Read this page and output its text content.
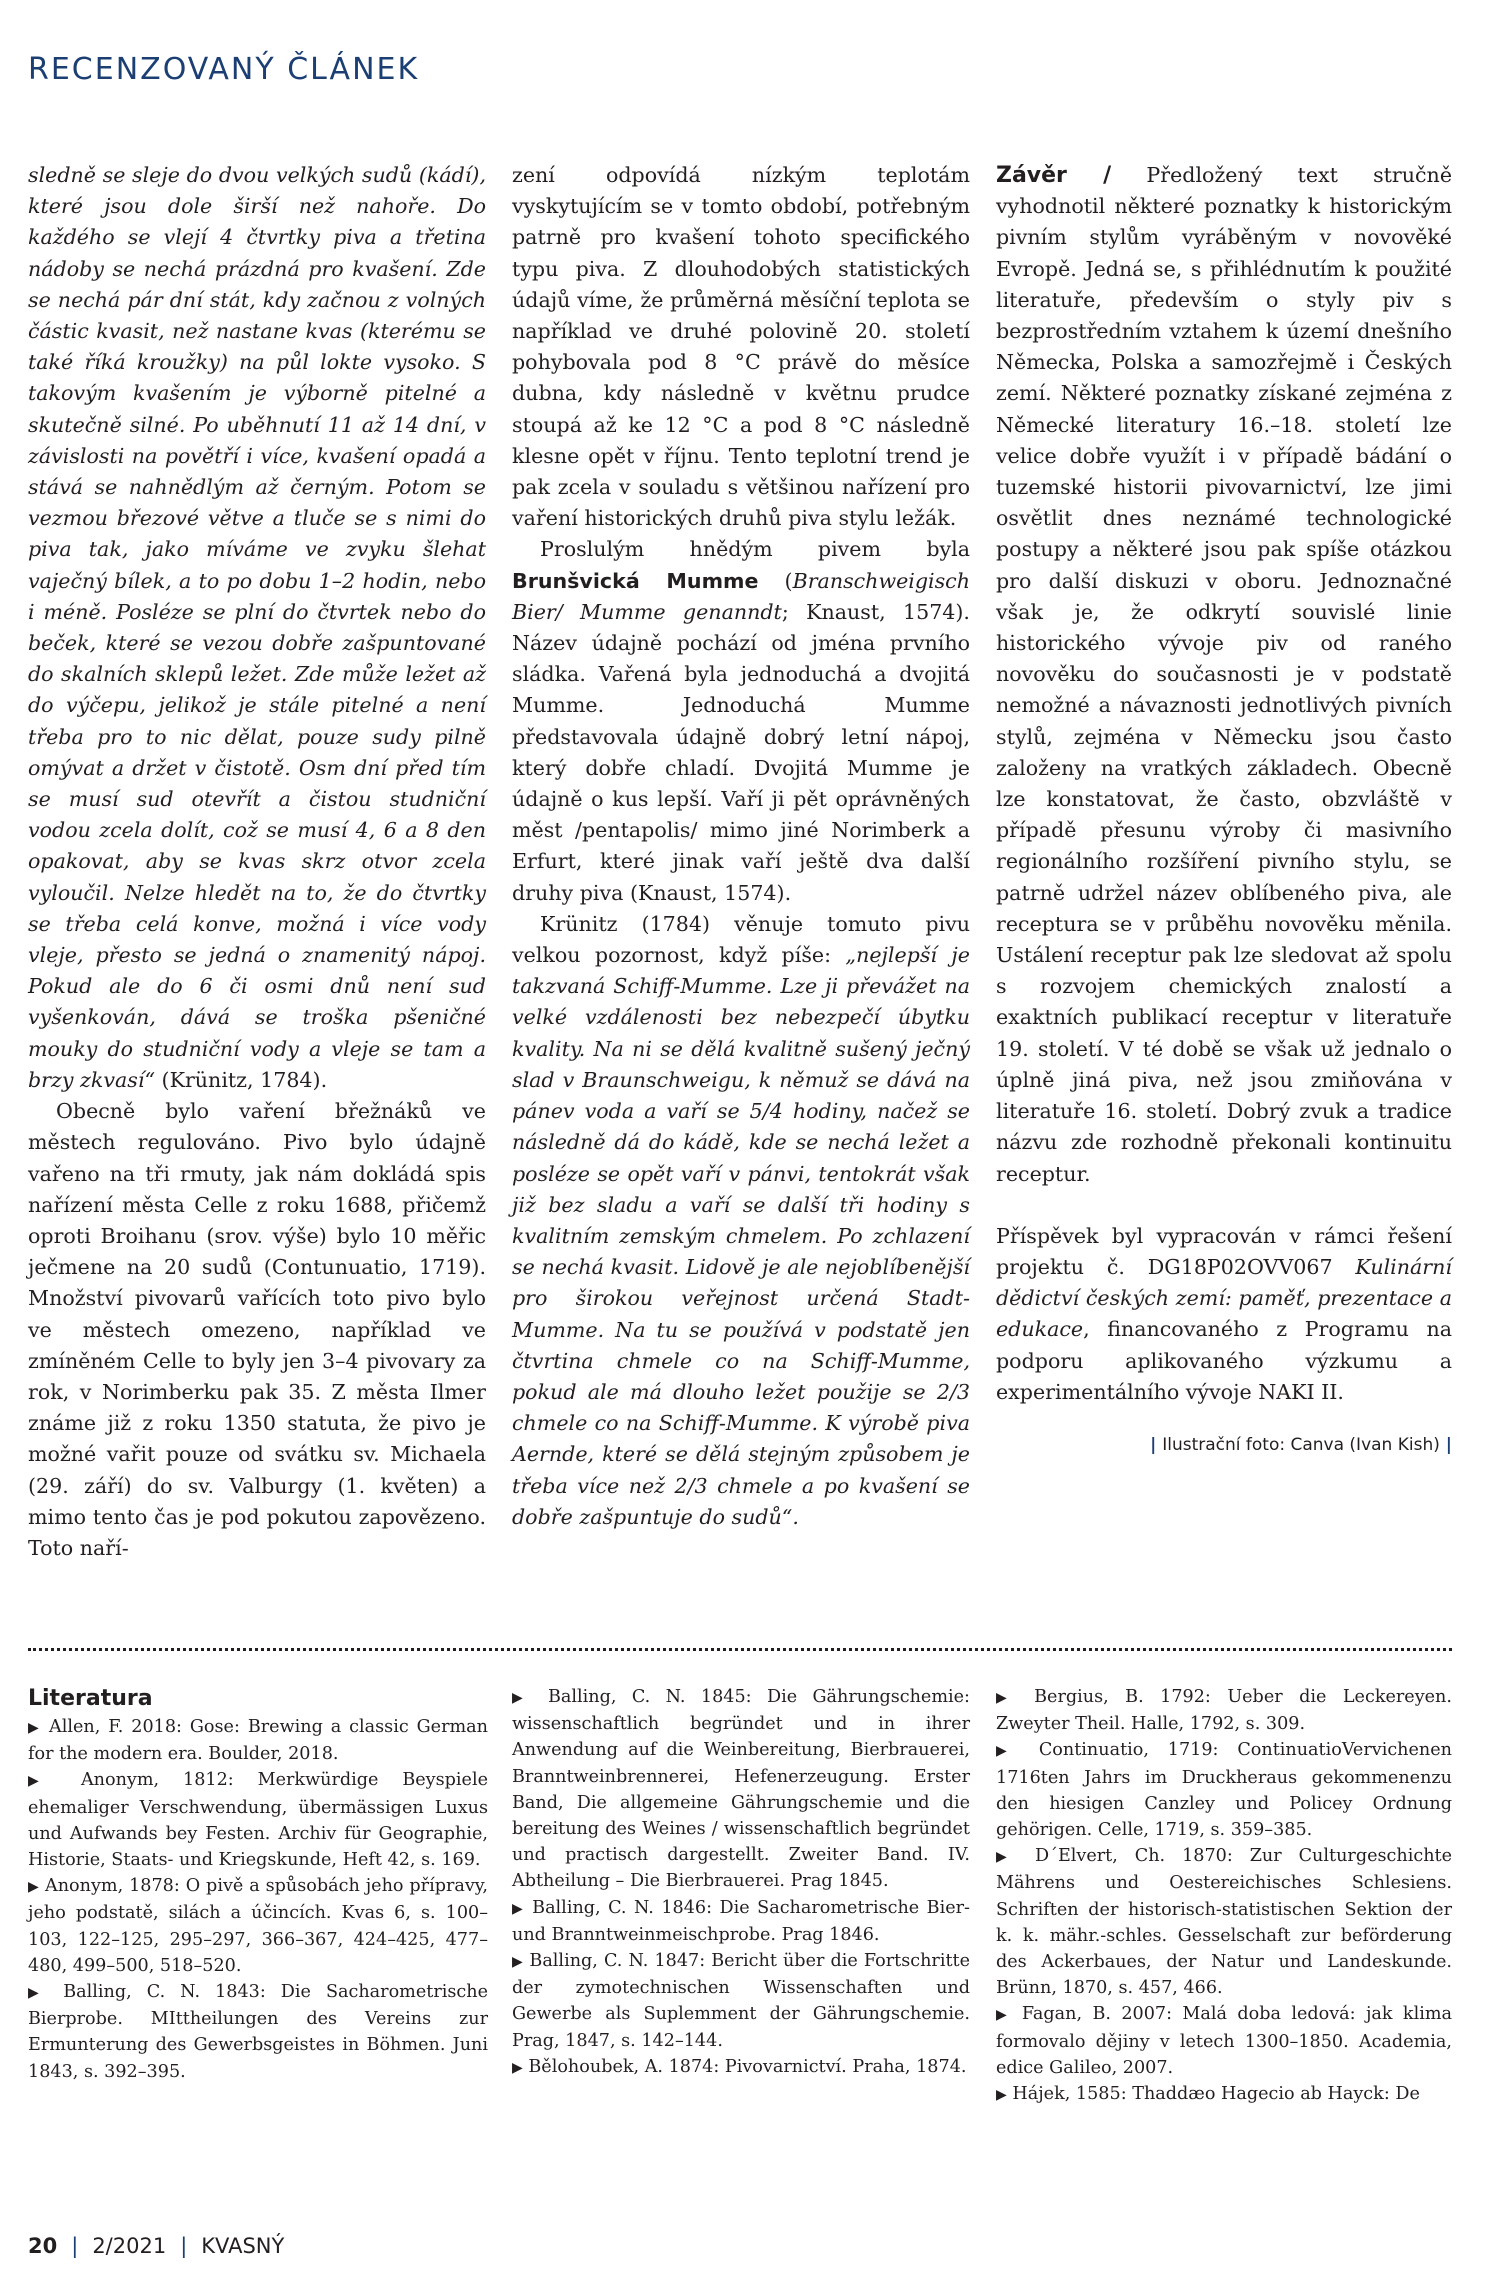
RECENZOVANÝ ČLÁNEK

sledně se sleje do dvou velkých sudů (kádí), které jsou dole širší než nahoře. Do každého se vlejí 4 čtvrtky piva a třetina nádoby se nechá prázdná pro kvašení. Zde se nechá pár dní stát, kdy začnou z volných částic kvasit, než nastane kvas (kterému se také říká kroužky) na půl lokte vysoko. S takovým kvašením je výborně pitelné a skutečně silné. Po uběhnutí 11 až 14 dní, v závislosti na povětří i více, kvašení opadá a stává se nahnědlým až černým. Potom se vezmou březové větve a tluče se s nimi do piva tak, jako míváme ve zvyku šlehat vaječný bílek, a to po dobu 1–2 hodin, nebo i méně. Posléze se plní do čtvrtek nebo do beček, které se vezou dobře zašpuntované do skalních sklepů ležet. Zde může ležet až do výčepu, jelikož je stále pitelné a není třeba pro to nic dělat, pouze sudy pilně omývat a držet v čistotě. Osm dní před tím se musí sud otevřít a čistou studniční vodou zcela dolít, což se musí 4, 6 a 8 den opakovat, aby se kvas skrz otvor zcela vyloučil. Nelze hledět na to, že do čtvrtky se třeba celá konve, možná i více vody vleje, přesto se jedná o znamenitý nápoj. Pokud ale do 6 či osmi dnů není sud vyšenkován, dává se troška pšeničné mouky do studniční vody a vleje se tam a brzy zkvasí“ (Krünitz, 1784).

Obecně bylo vaření břežnáků ve městech regulováno. Pivo bylo údajně vařeno na tři rmuty, jak nám dokládá spis nařízení města Celle z roku 1688, přičemž oproti Broihanu (srov. výše) bylo 10 měřic ječmene na 20 sudů (Contunuatio, 1719). Množství pivovarů vařících toto pivo bylo ve městech omezeno, například ve zmíněném Celle to byly jen 3–4 pivovary za rok, v Norimberku pak 35. Z města Ilmer známe již z roku 1350 statuta, že pivo je možné vařit pouze od svátku sv. Michaela (29. září) do sv. Valburgy (1. květen) a mimo tento čas je pod pokutou zapovězeno. Toto naří-

zení odpovídá nízkým teplotám vyskytujícím se v tomto období, potřebným patrně pro kvašení tohoto specifického typu piva. Z dlouhodobých statistických údajů víme, že průměrná měsíční teplota se například ve druhé polovině 20. století pohybovala pod 8 °C právě do měsíce dubna, kdy následně v květnu prudce stoupá až ke 12 °C a pod 8 °C následně klesne opět v říjnu. Tento teplotní trend je pak zcela v souladu s většinou nařízení pro vaření historických druhů piva stylu ležák.

Proslulým hnědým pivem byla Brunšvická Mumme (Branschweigisch Bier/ Mumme genanndt; Knaust, 1574). Název údajně pochází od jména prvního sládka. Vařená byla jednoduchá a dvojitá Mumme. Jednoduchá Mumme představovala údajně dobrý letní nápoj, který dobře chladí. Dvojitá Mumme je údajně o kus lepší. Vaří ji pět oprávněných měst /pentapolis/ mimo jiné Norimberk a Erfurt, které jinak vaří ještě dva další druhy piva (Knaust, 1574).

Krünitz (1784) věnuje tomuto pivu velkou pozornost, když píše: „nejlepší je takzvaná Schiff-Mumme. Lze ji převážet na velké vzdálenosti bez nebezpečí úbytku kvality. Na ni se dělá kvalitně sušený ječný slad v Braunschweigu, k němuž se dává na pánev voda a vaří se 5/4 hodiny, načež se následně dá do kádě, kde se nechá ležet a posléze se opět vaří v pánvi, tentokrát však již bez sladu a vaří se další tři hodiny s kvalitním zemským chmelem. Po zchlazení se nechá kvasit. Lidově je ale nejoblíbenější pro širokou veřejnost určená Stadt-Mumme. Na tu se používá v podstatě jen čtvrtina chmele co na Schiff-Mumme, pokud ale má dlouho ležet použije se 2/3 chmele co na Schiff-Mumme. K výrobě piva Aernde, které se dělá stejným způsobem je třeba více než 2/3 chmele a po kvašení se dobře zašpuntuje do sudů“.

Závěr / Předložený text stručně vyhodnotil některé poznatky k historickým pivním stylům vyráběným v novověké Evropě. Jedná se, s přihlédnutím k použité literatuře, především o styly piv s bezprostředním vztahem k území dnešního Německa, Polska a samozřejmě i Českých zemí. Některé poznatky získané zejména z Německé literatury 16.–18. století lze velice dobře využít i v případě bádání o tuzemské historii pivovarnictví, lze jimi osvětlit dnes neznámé technologické postupy a některé jsou pak spíše otázkou pro další diskuzi v oboru. Jednoznačné však je, že odkrytí souvislé linie historického vývoje piv od raného novověku do současnosti je v podstatě nemožné a návaznosti jednotlivých pivních stylů, zejména v Německu jsou často založeny na vratkých základech. Obecně lze konstatovat, že často, obzvláště v případě přesunu výroby či masivního regionálního rozšíření pivního stylu, se patrně udržel název oblíbeného piva, ale receptura se v průběhu novověku měnila. Ustálení receptur pak lze sledovat až spolu s rozvojem chemických znalostí a exaktních publikací receptur v literatuře 19. století. V té době se však už jednalo o úplně jiná piva, než jsou zmiňována v literatuře 16. století. Dobrý zvuk a tradice názvu zde rozhodně překonali kontinuitu receptur.

Příspěvek byl vypracován v rámci řešení projektu č. DG18P02OVV067 Kulinární dědictví českých zemí: paměť, prezentace a edukace, financovaného z Programu na podporu aplikovaného výzkumu a experimentálního vývoje NAKI II.

| Ilustrační foto: Canva (Ivan Kish) |
Literatura

▶ Allen, F. 2018: Gose: Brewing a classic German for the modern era. Boulder, 2018.

▶ Anonym, 1812: Merkwürdige Beyspiele ehemaliger Verschwendung, übermässigen Luxus und Aufwands bey Festen. Archiv für Geographie, Historie, Staats- und Kriegskunde, Heft 42, s. 169.

▶ Anonym, 1878: O pivě a spůsobách jeho přípravy, jeho podstatě, silách a účincích. Kvas 6, s. 100–103, 122–125, 295–297, 366–367, 424–425, 477–480, 499–500, 518–520.

▶ Balling, C. N. 1843: Die Sacharometrische Bierprobe. MIttheilungen des Vereins zur Ermunterung des Gewerbsgeistes in Böhmen. Juni 1843, s. 392–395.

▶ Balling, C. N. 1845: Die Gährungschemie: wissenschaftlich begründet und in ihrer Anwendung auf die Weinbereitung, Bierbrauerei, Branntweinbrennerei, Hefenerzeugung. Erster Band, Die allgemeine Gährungschemie und die bereitung des Weines / wissenschaftlich begründet und practisch dargestellt. Zweiter Band. IV. Abtheilung – Die Bierbrauerei. Prag 1845.

▶ Balling, C. N. 1846: Die Sacharometrische Bier- und Branntweinmeischprobe. Prag 1846.

▶ Balling, C. N. 1847: Bericht über die Fortschritte der zymotechnischen Wissenschaften und Gewerbe als Suplemment der Gährungschemie. Prag, 1847, s. 142–144.

▶ Bělohoubek, A. 1874: Pivovarnictví. Praha, 1874.

▶ Bergius, B. 1792: Ueber die Leckereyen. Zweyter Theil. Halle, 1792, s. 309.

▶ Continuatio, 1719: ContinuatioVervichenen 1716ten Jahrs im Druckheraus gekommenenzu den hiesigen Canzley und Policey Ordnung gehörigen. Celle, 1719, s. 359–385.

▶ D´Elvert, Ch. 1870: Zur Culturgeschichte Mährens und Oestereichisches Schlesiens. Schriften der historisch-statistischen Sektion der k. k. mähr.-schles. Gesselschaft zur beförderung des Ackerbaues, der Natur und Landeskunde. Brünn, 1870, s. 457, 466.

▶ Fagan, B. 2007: Malá doba ledová: jak klima formovalo dějiny v letech 1300–1850. Academia, edice Galileo, 2007.

▶ Hájek, 1585: Thaddæo Hagecio ab Hayck: De

20 | 2/2021 | KVASNÝ
